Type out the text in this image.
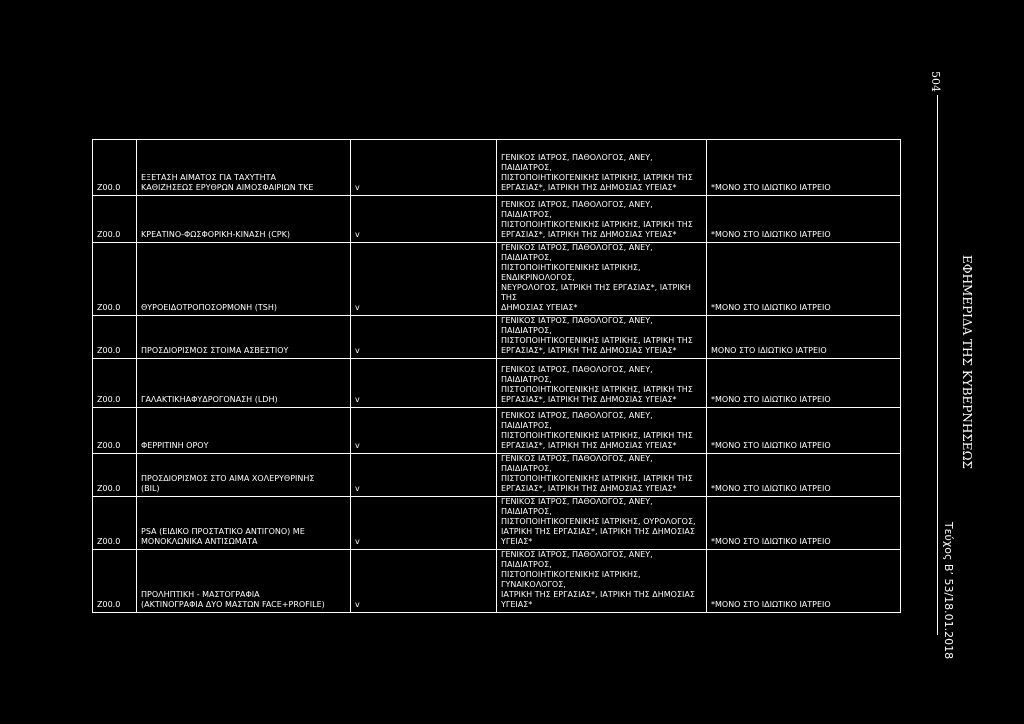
Z00.0	ΕΞΕΤΑΣΗ ΑΙΜΑΤΟΣ ΓΙΑ ΤΑΧΥΤΗΤΑ
ΚΑΘΙΖΗΣΕΩΣ ΕΡΥΘΡΩΝ ΑΙΜΟΣΦΑΙΡΙΩΝ ΤΚΕ	v	ΓΕΝΙΚΟΣ ΙΑΤΡΟΣ, ΠΑΘΟΛΟΓΟΣ, ΑΝΕΥ, ΠΑΙΔΙΑΤΡΟΣ,
ΠΙΣΤΟΠΟΙΗΤΙΚΟΓΕΝΙΚΗΣ ΙΑΤΡΙΚΗΣ, ΙΑΤΡΙΚΗ ΤΗΣ
ΕΡΓΑΣΙΑΣ*, ΙΑΤΡΙΚΗ ΤΗΣ ΔΗΜΟΣΙΑΣ ΥΓΕΙΑΣ*	*ΜΟΝΟ ΣΤΟ ΙΔΙΩΤΙΚΟ ΙΑΤΡΕΙΟ
Z00.0	ΚΡΕΑΤΙΝΟ-ΦΩΣΦΟΡΙΚΗ-ΚΙΝΑΣΗ (CPK)	v	ΓΕΝΙΚΟΣ ΙΑΤΡΟΣ, ΠΑΘΟΛΟΓΟΣ, ΑΝΕΥ, ΠΑΙΔΙΑΤΡΟΣ,
ΠΙΣΤΟΠΟΙΗΤΙΚΟΓΕΝΙΚΗΣ ΙΑΤΡΙΚΗΣ, ΙΑΤΡΙΚΗ ΤΗΣ
ΕΡΓΑΣΙΑΣ*, ΙΑΤΡΙΚΗ ΤΗΣ ΔΗΜΟΣΙΑΣ ΥΓΕΙΑΣ*	*ΜΟΝΟ ΣΤΟ ΙΔΙΩΤΙΚΟ ΙΑΤΡΕΙΟ
Z00.0	ΘΥΡΟΕΙΔΟΤΡΟΠΟΣΟΡΜΟΝΗ (TSH)	v	ΓΕΝΙΚΟΣ ΙΑΤΡΟΣ, ΠΑΘΟΛΟΓΟΣ, ΑΝΕΥ, ΠΑΙΔΙΑΤΡΟΣ,
ΠΙΣΤΟΠΟΙΗΤΙΚΟΓΕΝΙΚΗΣ ΙΑΤΡΙΚΗΣ, ΕΝΔΙΚΡΙΝΟΛΟΓΟΣ,
ΝΕΥΡΟΛΟΓΟΣ, ΙΑΤΡΙΚΗ ΤΗΣ ΕΡΓΑΣΙΑΣ*, ΙΑΤΡΙΚΗ ΤΗΣ
ΔΗΜΟΣΙΑΣ ΥΓΕΙΑΣ*	*ΜΟΝΟ ΣΤΟ ΙΔΙΩΤΙΚΟ ΙΑΤΡΕΙΟ
Z00.0	ΠΡΟΣΔΙΟΡΙΣΜΟΣ ΣΤΟΙΜΑ ΑΣΒΕΣΤΙΟΥ	v	ΓΕΝΙΚΟΣ ΙΑΤΡΟΣ, ΠΑΘΟΛΟΓΟΣ, ΑΝΕΥ, ΠΑΙΔΙΑΤΡΟΣ,
ΠΙΣΤΟΠΟΙΗΤΙΚΟΓΕΝΙΚΗΣ ΙΑΤΡΙΚΗΣ, ΙΑΤΡΙΚΗ ΤΗΣ
ΕΡΓΑΣΙΑΣ*, ΙΑΤΡΙΚΗ ΤΗΣ ΔΗΜΟΣΙΑΣ ΥΓΕΙΑΣ*	ΜΟΝΟ ΣΤΟ ΙΔΙΩΤΙΚΟ ΙΑΤΡΕΙΟ
Z00.0	ΓΑΛΑΚΤΙΚΗΑΦΥΔΡΟΓΟΝΑΣΗ (LDH)	v	ΓΕΝΙΚΟΣ ΙΑΤΡΟΣ, ΠΑΘΟΛΟΓΟΣ, ΑΝΕΥ, ΠΑΙΔΙΑΤΡΟΣ,
ΠΙΣΤΟΠΟΙΗΤΙΚΟΓΕΝΙΚΗΣ ΙΑΤΡΙΚΗΣ, ΙΑΤΡΙΚΗ ΤΗΣ
ΕΡΓΑΣΙΑΣ*, ΙΑΤΡΙΚΗ ΤΗΣ ΔΗΜΟΣΙΑΣ ΥΓΕΙΑΣ*	*ΜΟΝΟ ΣΤΟ ΙΔΙΩΤΙΚΟ ΙΑΤΡΕΙΟ
Z00.0	ΦΕΡΡΙΤΙΝΗ ΟΡΟΥ	v	ΓΕΝΙΚΟΣ ΙΑΤΡΟΣ, ΠΑΘΟΛΟΓΟΣ, ΑΝΕΥ, ΠΑΙΔΙΑΤΡΟΣ,
ΠΙΣΤΟΠΟΙΗΤΙΚΟΓΕΝΙΚΗΣ ΙΑΤΡΙΚΗΣ, ΙΑΤΡΙΚΗ ΤΗΣ
ΕΡΓΑΣΙΑΣ*, ΙΑΤΡΙΚΗ ΤΗΣ ΔΗΜΟΣΙΑΣ ΥΓΕΙΑΣ*	*ΜΟΝΟ ΣΤΟ ΙΔΙΩΤΙΚΟ ΙΑΤΡΕΙΟ
Z00.0	ΠΡΟΣΔΙΟΡΙΣΜΟΣ ΣΤΟ ΑΙΜΑ ΧΟΛΕΡΥΘΡΙΝΗΣ
(BIL)	v	ΓΕΝΙΚΟΣ ΙΑΤΡΟΣ, ΠΑΘΟΛΟΓΟΣ, ΑΝΕΥ, ΠΑΙΔΙΑΤΡΟΣ,
ΠΙΣΤΟΠΟΙΗΤΙΚΟΓΕΝΙΚΗΣ ΙΑΤΡΙΚΗΣ, ΙΑΤΡΙΚΗ ΤΗΣ
ΕΡΓΑΣΙΑΣ*, ΙΑΤΡΙΚΗ ΤΗΣ ΔΗΜΟΣΙΑΣ ΥΓΕΙΑΣ*	*ΜΟΝΟ ΣΤΟ ΙΔΙΩΤΙΚΟ ΙΑΤΡΕΙΟ
Z00.0	PSA (ΕΙΔΙΚΟ ΠΡΟΣΤΑΤΙΚΟ ΑΝΤΙΓΟΝΟ) ΜΕ
ΜΟΝΟΚΛΩΝΙΚΑ ΑΝΤΙΣΩΜΑΤΑ	v	ΓΕΝΙΚΟΣ ΙΑΤΡΟΣ, ΠΑΘΟΛΟΓΟΣ, ΑΝΕΥ, ΠΑΙΔΙΑΤΡΟΣ,
ΠΙΣΤΟΠΟΙΗΤΙΚΟΓΕΝΙΚΗΣ ΙΑΤΡΙΚΗΣ, ΟΥΡΟΛΟΓΟΣ,
ΙΑΤΡΙΚΗ ΤΗΣ ΕΡΓΑΣΙΑΣ*, ΙΑΤΡΙΚΗ ΤΗΣ ΔΗΜΟΣΙΑΣ
ΥΓΕΙΑΣ*	*ΜΟΝΟ ΣΤΟ ΙΔΙΩΤΙΚΟ ΙΑΤΡΕΙΟ
Z00.0	ΠΡΟΛΗΠΤΙΚΗ - ΜΑΣΤΟΓΡΑΦΙΑ
(ΑΚΤΙΝΟΓΡΑΦΙΑ ΔΥΟ ΜΑΣΤΩΝ FACE+PROFILE)	v	ΓΕΝΙΚΟΣ ΙΑΤΡΟΣ, ΠΑΘΟΛΟΓΟΣ, ΑΝΕΥ, ΠΑΙΔΙΑΤΡΟΣ,
ΠΙΣΤΟΠΟΙΗΤΙΚΟΓΕΝΙΚΗΣ ΙΑΤΡΙΚΗΣ, ΓΥΝΑΙΚΟΛΟΓΟΣ,
ΙΑΤΡΙΚΗ ΤΗΣ ΕΡΓΑΣΙΑΣ*, ΙΑΤΡΙΚΗ ΤΗΣ ΔΗΜΟΣΙΑΣ
ΥΓΕΙΑΣ*	*ΜΟΝΟ ΣΤΟ ΙΔΙΩΤΙΚΟ ΙΑΤΡΕΙΟ
504
ΕΦΗΜΕΡΙΔΑ ΤΗΣ ΚΥΒΕΡΝΗΣΕΩΣ
Τεύχος Β’ 53/18.01.2018
